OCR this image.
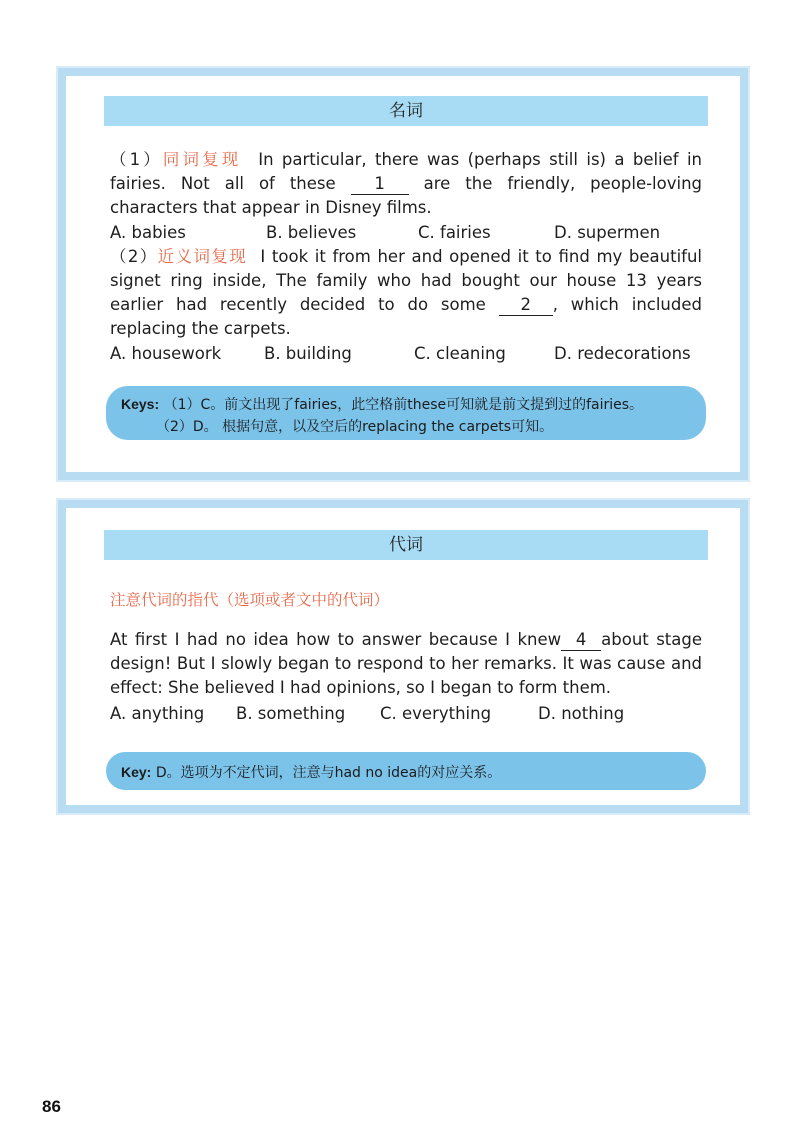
名词

（1）同词复现 In particular, there was (perhaps still is) a belief in fairies. Not all of these 1 are the friendly, people-loving characters that appear in Disney films.

A. babies	B. believes	C. fairies	D. supermen

（2）近义词复现 I took it from her and opened it to find my beautiful signet ring inside, The family who had bought our house 13 years earlier had recently decided to do some 2 , which included replacing the carpets.

A. housework	B. building	C. cleaning	D. redecorations
Keys: （1）C。前文出现了fairies，此空格前these可知就是前文提到过的fairies。
（2）D。 根据句意，以及空后的replacing the carpets可知。
代词
注意代词的指代（选项或者文中的代词）

At first I had no idea how to answer because I knew 4 about stage design! But I slowly began to respond to her remarks. It was cause and effect: She believed I had opinions, so I began to form them.

A. anything B. something C. everything	D. nothing
Key: D。选项为不定代词，注意与had no idea的对应关系。
86
